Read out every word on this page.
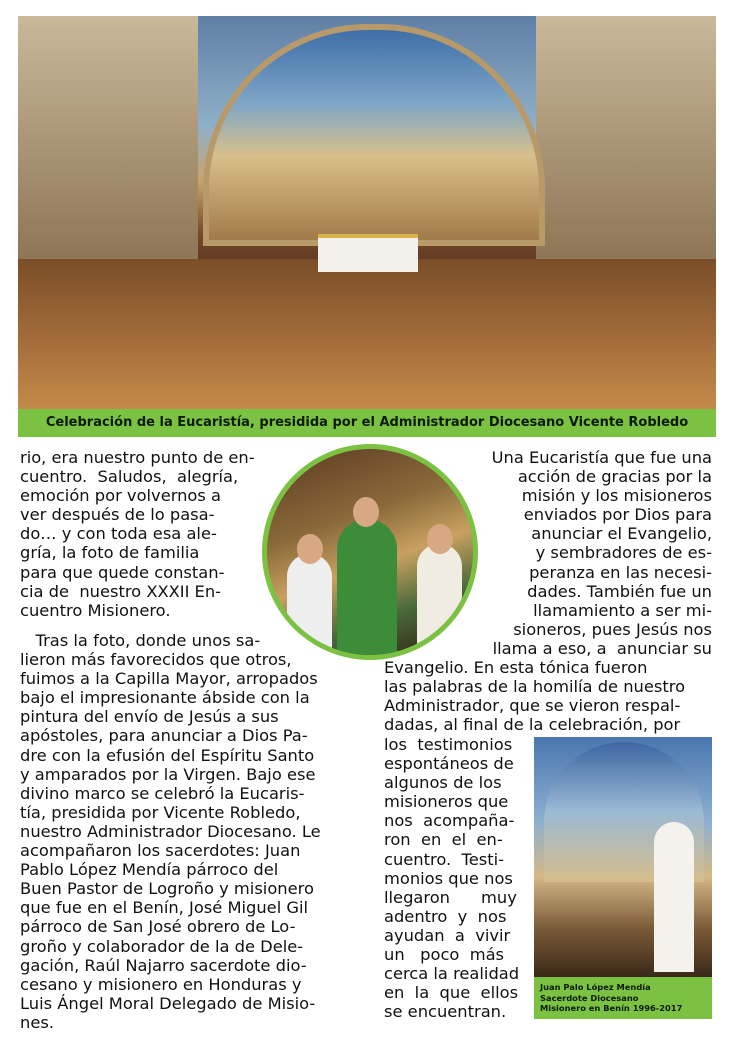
Celebración de la Eucaristía, presidida por el Administrador Diocesano Vicente Robledo
rio, era nuestro punto de en-
cuentro.  Saludos,  alegría,
emoción por volvernos a
ver después de lo pasa-
do… y con toda esa ale-
gría, la foto de familia
para que quede constan-
cia de  nuestro XXXII En-
cuentro Misionero.
Tras la foto, donde unos sa-
lieron más favorecidos que otros,
fuimos a la Capilla Mayor, arropados
bajo el impresionante ábside con la
pintura del envío de Jesús a sus
apóstoles, para anunciar a Dios Pa-
dre con la efusión del Espíritu Santo
y amparados por la Virgen. Bajo ese
divino marco se celebró la Eucaris-
tía, presidida por Vicente Robledo,
nuestro Administrador Diocesano. Le
acompañaron los sacerdotes: Juan
Pablo López Mendía párroco del
Buen Pastor de Logroño y misionero
que fue en el Benín, José Miguel Gil
párroco de San José obrero de Lo-
groño y colaborador de la de Dele-
gación, Raúl Najarro sacerdote dio-
cesano y misionero en Honduras y
Luis Ángel Moral Delegado de Misio-
nes.
Una Eucaristía que fue una
acción de gracias por la
misión y los misioneros
enviados por Dios para
anunciar el Evangelio,
y sembradores de es-
peranza en las necesi-
dades. También fue un
llamamiento a ser mi-
sioneros, pues Jesús nos
llama a eso, a  anunciar su
Evangelio. En esta tónica fueron
las palabras de la homilía de nuestro
Administrador, que se vieron respal-
dadas, al final de la celebración, por
los  testimonios
espontáneos de
algunos de los
misioneros que
nos  acompaña-
ron  en  el  en-
cuentro.  Testi-
monios que nos
llegaron      muy
adentro  y  nos
ayudan  a  vivir
un   poco  más
cerca la realidad
en  la  que  ellos
se encuentran.
Juan Palo López Mendía
Sacerdote Diocesano
Misionero en Benín 1996-2017
